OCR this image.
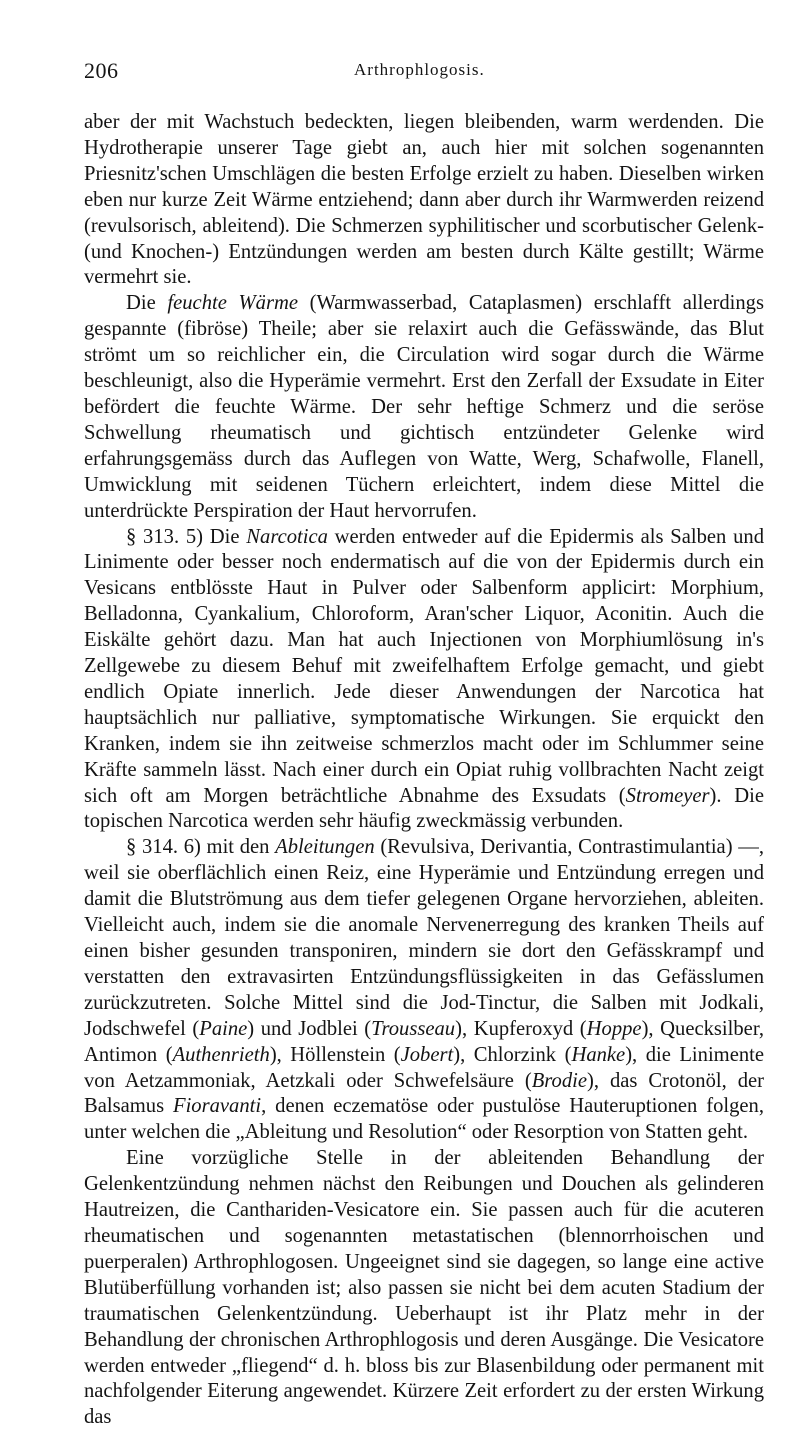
206	Arthrophlogosis.

aber der mit Wachstuch bedeckten, liegen bleibenden, warm werdenden. Die Hydrotherapie unserer Tage giebt an, auch hier mit solchen sogenannten Priesnitz'schen Umschlägen die besten Erfolge erzielt zu haben. Dieselben wirken eben nur kurze Zeit Wärme entziehend; dann aber durch ihr Warmwerden reizend (revulsorisch, ableitend). Die Schmerzen syphilitischer und scorbutischer Gelenk- (und Knochen-) Entzündungen werden am besten durch Kälte gestillt; Wärme vermehrt sie.

Die feuchte Wärme (Warmwasserbad, Cataplasmen) erschlafft allerdings gespannte (fibröse) Theile; aber sie relaxirt auch die Gefässwände, das Blut strömt um so reichlicher ein, die Circulation wird sogar durch die Wärme beschleunigt, also die Hyperämie vermehrt. Erst den Zerfall der Exsudate in Eiter befördert die feuchte Wärme. Der sehr heftige Schmerz und die seröse Schwellung rheumatisch und gichtisch entzündeter Gelenke wird erfahrungsgemäss durch das Auflegen von Watte, Werg, Schafwolle, Flanell, Umwicklung mit seidenen Tüchern erleichtert, indem diese Mittel die unterdrückte Perspiration der Haut hervorrufen.

§ 313. 5) Die Narcotica werden entweder auf die Epidermis als Salben und Linimente oder besser noch endermatisch auf die von der Epidermis durch ein Vesicans entblösste Haut in Pulver oder Salbenform applicirt: Morphium, Belladonna, Cyankalium, Chloroform, Aran'scher Liquor, Aconitin. Auch die Eiskälte gehört dazu. Man hat auch Injectionen von Morphiumlösung in's Zellgewebe zu diesem Behuf mit zweifelhaftem Erfolge gemacht, und giebt endlich Opiate innerlich. Jede dieser Anwendungen der Narcotica hat hauptsächlich nur palliative, symptomatische Wirkungen. Sie erquickt den Kranken, indem sie ihn zeitweise schmerzlos macht oder im Schlummer seine Kräfte sammeln lässt. Nach einer durch ein Opiat ruhig vollbrachten Nacht zeigt sich oft am Morgen beträchtliche Abnahme des Exsudats (Stromeyer). Die topischen Narcotica werden sehr häufig zweckmässig verbunden.

§ 314. 6) mit den Ableitungen (Revulsiva, Derivantia, Contrastimulantia) —, weil sie oberflächlich einen Reiz, eine Hyperämie und Entzündung erregen und damit die Blutströmung aus dem tiefer gelegenen Organe hervorziehen, ableiten. Vielleicht auch, indem sie die anomale Nervenerregung des kranken Theils auf einen bisher gesunden transponiren, mindern sie dort den Gefässkrampf und verstatten den extravasirten Entzündungsflüssigkeiten in das Gefässlumen zurückzutreten. Solche Mittel sind die Jod-Tinctur, die Salben mit Jodkali, Jodschwefel (Paine) und Jodblei (Trousseau), Kupferoxyd (Hoppe), Quecksilber, Antimon (Authenrieth), Höllenstein (Jobert), Chlorzink (Hanke), die Linimente von Aetzammoniak, Aetzkali oder Schwefelsäure (Brodie), das Crotonöl, der Balsamus Fioravanti, denen eczematöse oder pustulöse Hauteruptionen folgen, unter welchen die „Ableitung und Resolution“ oder Resorption von Statten geht.

Eine vorzügliche Stelle in der ableitenden Behandlung der Gelenkentzündung nehmen nächst den Reibungen und Douchen als gelinderen Hautreizen, die Canthariden-Vesicatore ein. Sie passen auch für die acuteren rheumatischen und sogenannten metastatischen (blennorrhoischen und puerperalen) Arthrophlogosen. Ungeeignet sind sie dagegen, so lange eine active Blutüberfüllung vorhanden ist; also passen sie nicht bei dem acuten Stadium der traumatischen Gelenkentzündung. Ueberhaupt ist ihr Platz mehr in der Behandlung der chronischen Arthrophlogosis und deren Ausgänge. Die Vesicatore werden entweder „fliegend“ d. h. bloss bis zur Blasenbildung oder permanent mit nachfolgender Eiterung angewendet. Kürzere Zeit erfordert zu der ersten Wirkung das
